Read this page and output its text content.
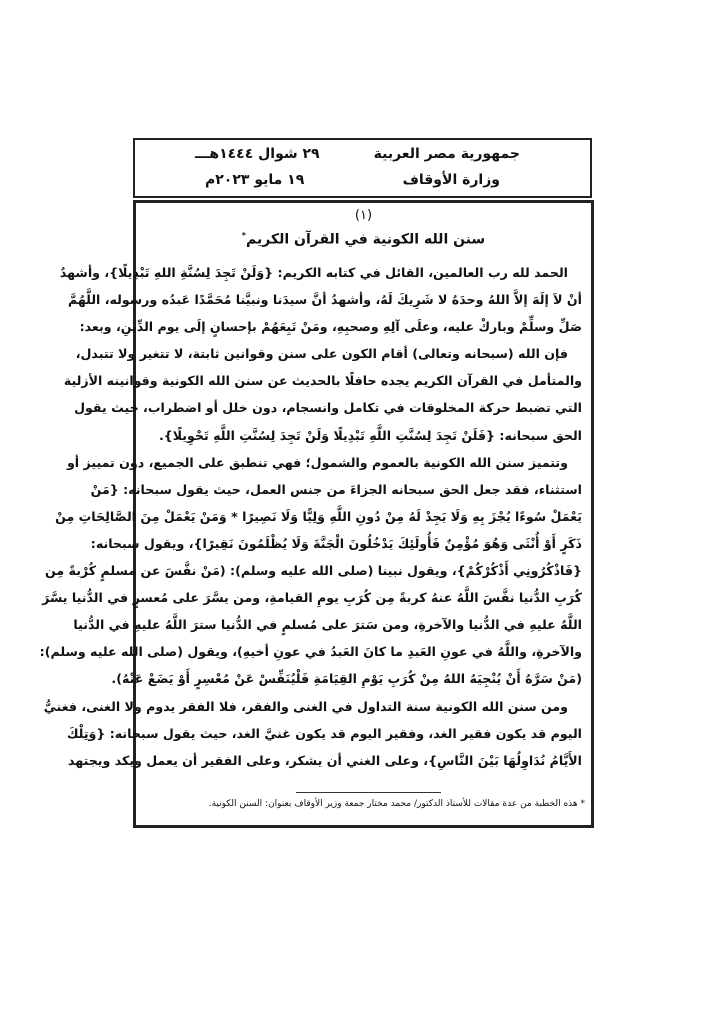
جمهورية مصر العربية
وزارة الأوقاف
٢٩ شوال ١٤٤٤هـــ
١٩ مايو ٢٠٢٣م
(١)
سنن الله الكونية في القرآن الكريم*
الحمد لله رب العالمين، القائل في كتابه الكريم: {وَلَنْ تَجِدَ لِسُنَّةِ اللهِ تَبْدِيلًا}، وأشهدُ
أنْ لاَ إلَهَ إلاَّ اللهُ وحدَهُ لا شَرِيكَ لَهُ، وأشهدُ أنَّ سيدَنا ونبيَّنا مُحَمَّدًا عَبدُه ورسوله، اللَّهُمَّ
صَلِّ وسلِّمْ وباركْ عليه، وعلَى آلِهِ وصحبِهِ، ومَنْ تَبِعَهُمْ بإحسانٍ إلَى يوم الدِّينِ، وبعد:
فإن الله (سبحانه وتعالى) أقام الكون على سنن وقوانين ثابتة، لا تتغير ولا تتبدل،
والمتأمل في القرآن الكريم يجده حافلًا بالحديث عن سنن الله الكونية وقوانينه الأزلية
التي تضبط حركة المخلوقات في تكامل وانسجام، دون خلل أو اضطراب، حيث يقول
الحق سبحانه: {فَلَنْ تَجِدَ لِسُنَّتِ اللَّهِ تَبْدِيلًا وَلَنْ تَجِدَ لِسُنَّتِ اللَّهِ تَحْوِيلًا}.
وتتميز سنن الله الكونية بالعموم والشمول؛ فهي تنطبق على الجميع، دون تمييز أو
استثناء، فقد جعل الحق سبحانه الجزاءَ من جنس العمل، حيث يقول سبحانه: {مَنْ
يَعْمَلْ سُوءًا يُجْزَ بِهِ وَلَا يَجِدْ لَهُ مِنْ دُونِ اللَّهِ وَلِيًّا وَلَا نَصِيرًا * وَمَنْ يَعْمَلْ مِنَ الصَّالِحَاتِ مِنْ
ذَكَرٍ أَوْ أُنْثَى وَهُوَ مُؤْمِنٌ فَأُولَئِكَ يَدْخُلُونَ الْجَنَّةَ وَلَا يُظْلَمُونَ نَقِيرًا}، ويقول سبحانه:
{فَاذْكُرُونِي أَذْكُرْكُمْ}، ويقول نبينا (صلى الله عليه وسلم): (مَنْ نفَّسَ عن مسلمٍ كُرْبةً مِن
كُرَبِ الدُّنيا نفَّسَ اللَّهُ عنهُ كربةً مِن كُرَبِ يومِ القيامةِ، ومن يسَّرَ على مُعسرٍ في الدُّنيا يسَّرَ
اللَّهُ عليهِ في الدُّنيا والآخرةِ، ومن سَترَ على مُسلمٍ في الدُّنيا سترَ اللَّهُ عليهِ في الدُّنيا
والآخرةِ، واللَّهُ في عونِ العَبدِ ما كانَ العَبدُ في عونِ أخيهِ)، ويقول (صلى الله عليه وسلم):
(مَنْ سَرَّهُ أَنْ يُنْجِيَهُ اللهُ مِنْ كُرَبِ يَوْمِ القِيَامَةِ فَلْيُنَفِّسْ عَنْ مُعْسِرٍ أَوْ يَضَعْ عَنْهُ).
ومن سنن الله الكونية سنة التداول في الغنى والفقر، فلا الفقر يدوم ولا الغنى، فغنيُّ
اليوم قد يكون فقير الغد، وفقير اليوم قد يكون غنيَّ الغد، حيث يقول سبحانه: {وَتِلْكَ
الأَيَّامُ نُدَاوِلُهَا بَيْنَ النَّاسِ}، وعلى الغني أن يشكر، وعلى الفقير أن يعمل ويكد ويجتهد
* هذه الخطبة من عدة مقالات للأستاذ الدكتور/ محمد مختار جمعة وزير الأوقاف بعنوان: السنن الكونية.
